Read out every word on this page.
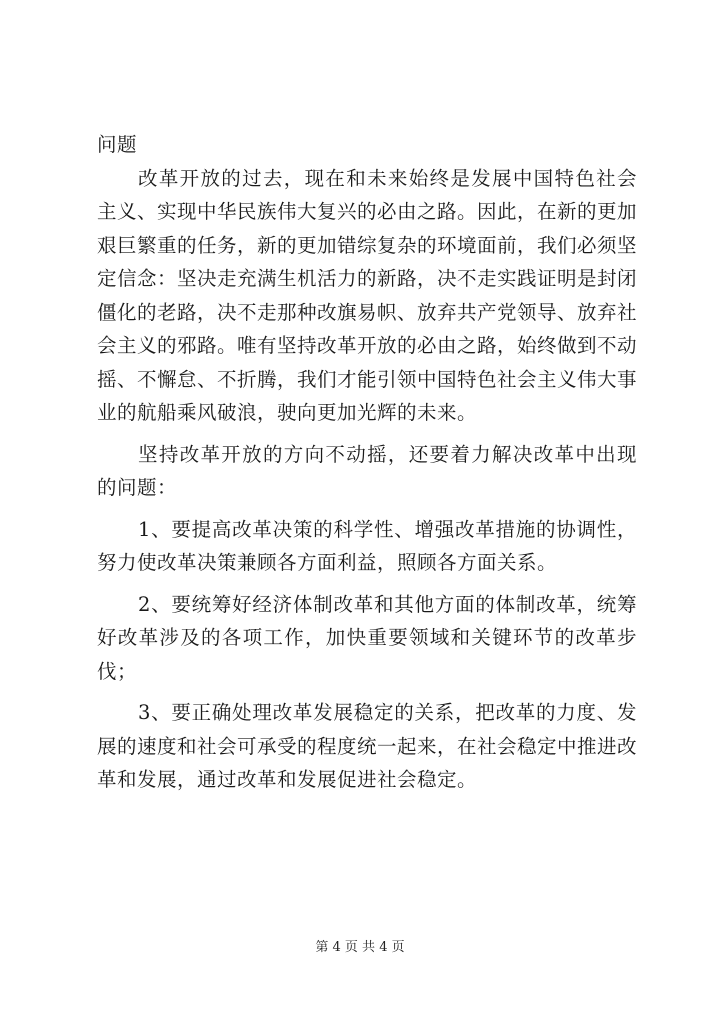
问题

改革开放的过去，现在和未来始终是发展中国特色社会主义、实现中华民族伟大复兴的必由之路。因此，在新的更加艰巨繁重的任务，新的更加错综复杂的环境面前，我们必须坚定信念：坚决走充满生机活力的新路，决不走实践证明是封闭僵化的老路，决不走那种改旗易帜、放弃共产党领导、放弃社会主义的邪路。唯有坚持改革开放的必由之路，始终做到不动摇、不懈怠、不折腾，我们才能引领中国特色社会主义伟大事业的航船乘风破浪，驶向更加光辉的未来。

坚持改革开放的方向不动摇，还要着力解决改革中出现的问题：

1、要提高改革决策的科学性、增强改革措施的协调性，努力使改革决策兼顾各方面利益，照顾各方面关系。

2、要统筹好经济体制改革和其他方面的体制改革，统筹好改革涉及的各项工作，加快重要领域和关键环节的改革步伐；

3、要正确处理改革发展稳定的关系，把改革的力度、发展的速度和社会可承受的程度统一起来，在社会稳定中推进改革和发展，通过改革和发展促进社会稳定。

第 4 页 共 4 页
